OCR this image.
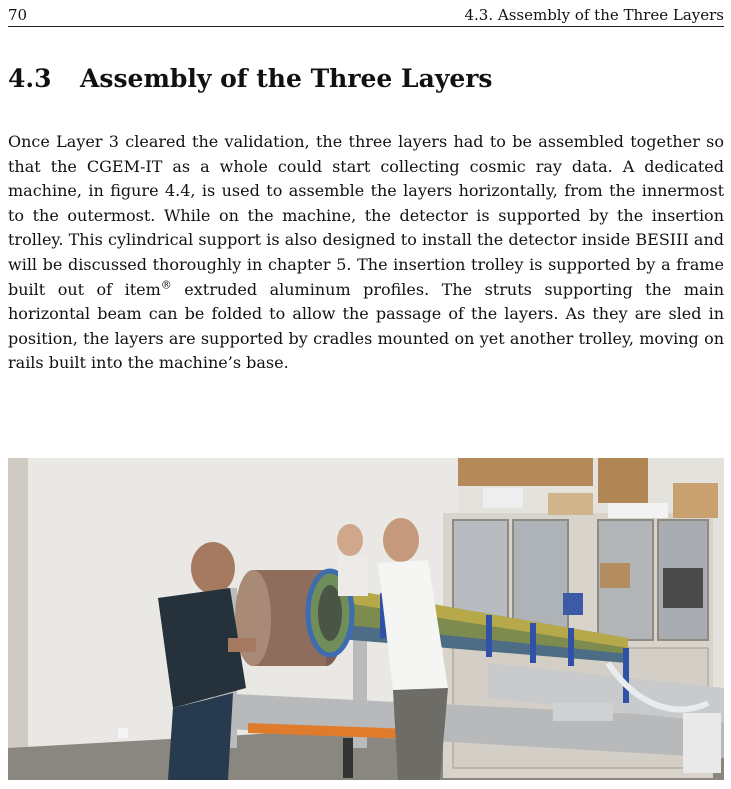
70	4.3. Assembly of the Three Layers
4.3 Assembly of the Three Layers

Once Layer 3 cleared the validation, the three layers had to be assembled together so that the CGEM-IT as a whole could start collecting cosmic ray data. A dedicated machine, in figure 4.4, is used to assemble the layers horizontally, from the innermost to the outermost. While on the machine, the detector is supported by the insertion trolley. This cylindrical support is also designed to install the detector inside BESIII and will be discussed thoroughly in chapter 5. The insertion trolley is supported by a frame built out of item® extruded aluminum profiles. The struts supporting the main horizontal beam can be folded to allow the passage of the layers. As they are sled in position, the layers are supported by cradles mounted on yet another trolley, moving on rails built into the machine’s base.
